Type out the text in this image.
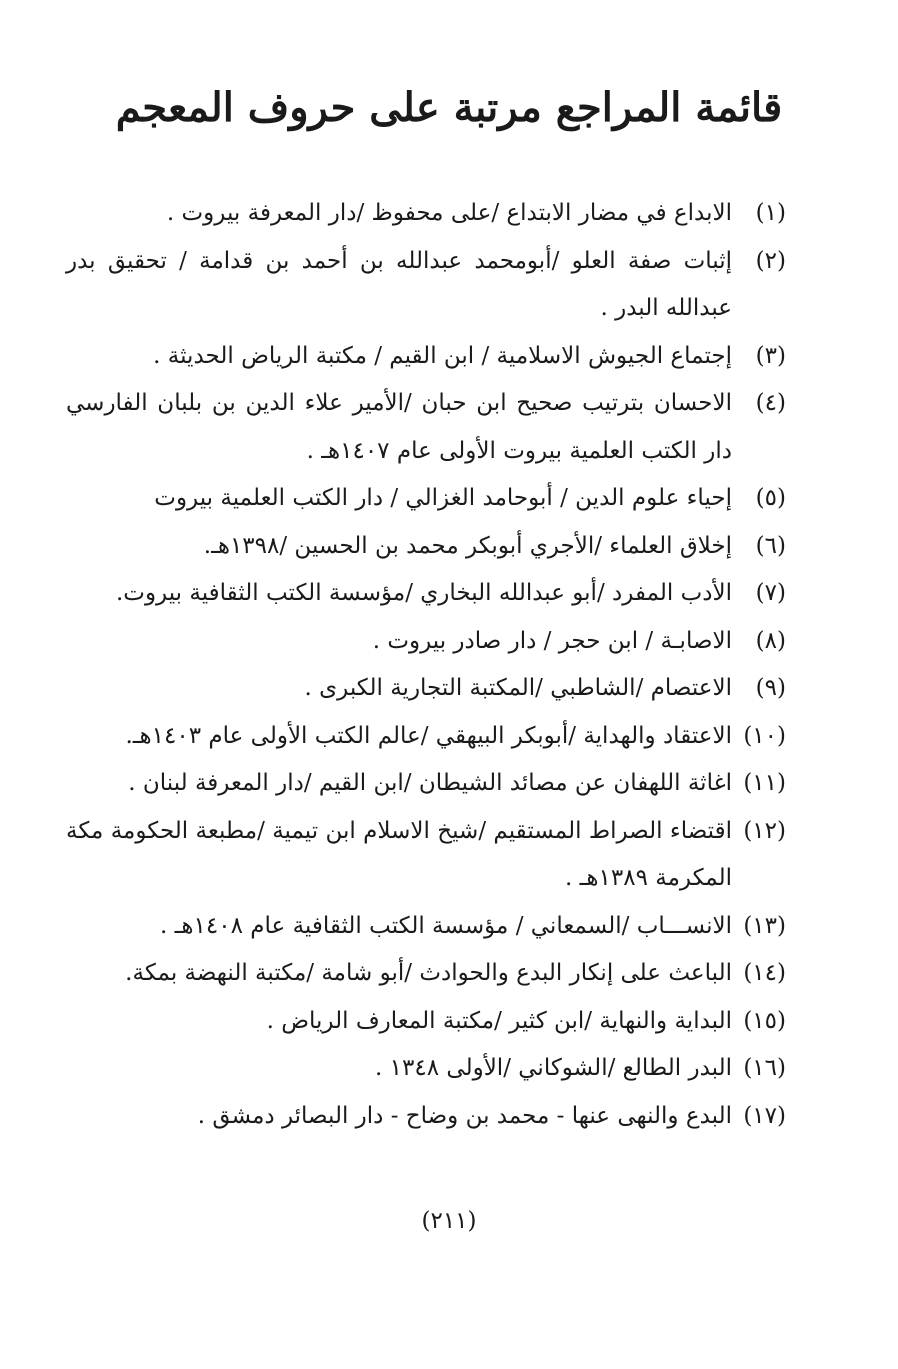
قائمة المراجع مرتبة على حروف المعجم
(١)
الابداع في مضار الابتداع /على محفوظ /دار المعرفة بيروت .
(٢)
إثبات صفة العلو /أبومحمد عبدالله بن أحمد بن قدامة / تحقيق بدر عبدالله البدر .
(٣)
إجتماع الجيوش الاسلامية / ابن القيم / مكتبة الرياض الحديثة .
(٤)
الاحسان بترتيب صحيح ابن حبان /الأمير علاء الدين بن بلبان الفارسي دار الكتب العلمية بيروت الأولى عام ١٤٠٧هـ .
(٥)
إحياء علوم الدين / أبوحامد الغزالي / دار الكتب العلمية بيروت
(٦)
إخلاق العلماء /الأجري أبوبكر محمد بن الحسين /١٣٩٨هـ.
(٧)
الأدب المفرد /أبو عبدالله البخاري /مؤسسة الكتب الثقافية بيروت.
(٨)
الاصابـة / ابن حجر / دار صادر بيروت .
(٩)
الاعتصام /الشاطبي /المكتبة التجارية الكبرى .
(١٠)
الاعتقاد والهداية /أبوبكر البيهقي /عالم الكتب الأولى عام ١٤٠٣هـ.
(١١)
اغاثة اللهفان عن مصائد الشيطان /ابن القيم /دار المعرفة لبنان .
(١٢)
اقتضاء الصراط المستقيم /شيخ الاسلام ابن تيمية /مطبعة الحكومة مكة المكرمة ١٣٨٩هـ .
(١٣)
الانســـاب /السمعاني / مؤسسة الكتب الثقافية عام ١٤٠٨هـ .
(١٤)
الباعث على إنكار البدع والحوادث /أبو شامة /مكتبة النهضة بمكة.
(١٥)
البداية والنهاية /ابن كثير /مكتبة المعارف الرياض .
(١٦)
البدر الطالع /الشوكاني /الأولى ١٣٤٨ .
(١٧)
البدع والنهى عنها - محمد بن وضاح - دار البصائر دمشق .
(٢١١)
